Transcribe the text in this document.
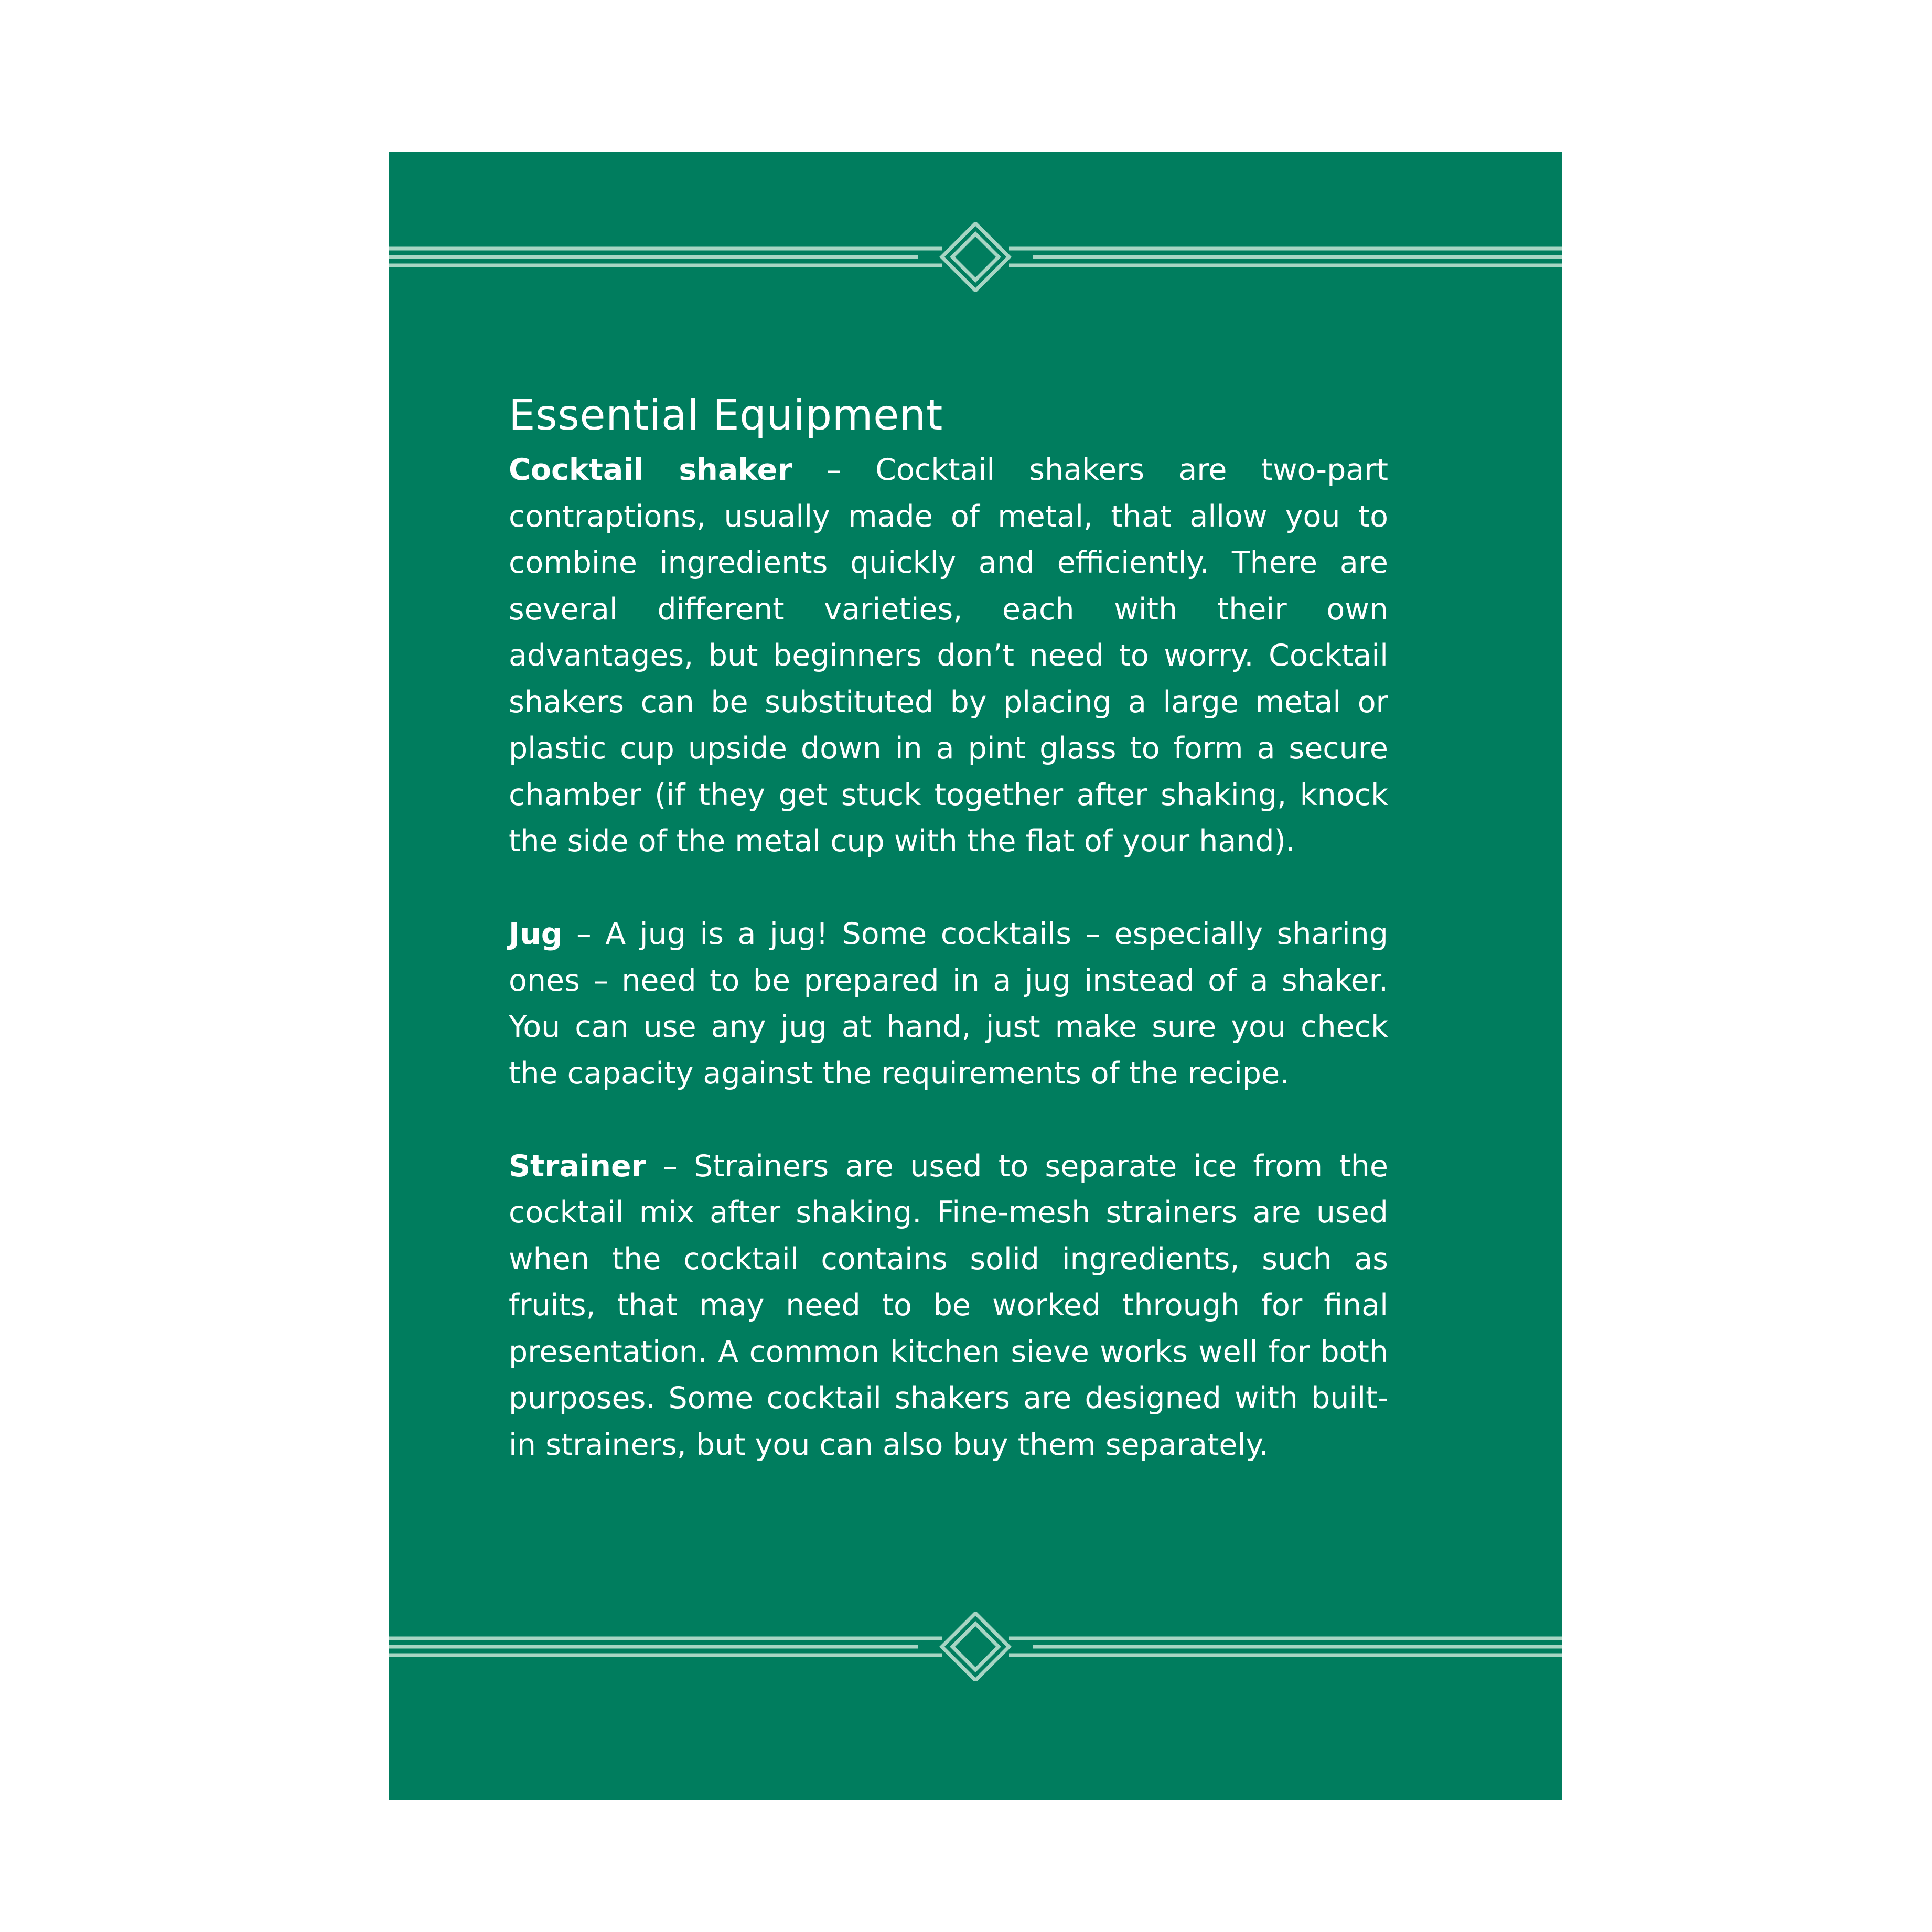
Essential Equipment

Cocktail shaker – Cocktail shakers are two-part contraptions, usually made of metal, that allow you to combine ingredients quickly and efficiently. There are several different varieties, each with their own advantages, but beginners don’t need to worry. Cocktail shakers can be substituted by placing a large metal or plastic cup upside down in a pint glass to form a secure chamber (if they get stuck together after shaking, knock the side of the metal cup with the flat of your hand).

Jug – A jug is a jug! Some cocktails – especially sharing ones – need to be prepared in a jug instead of a shaker. You can use any jug at hand, just make sure you check the capacity against the requirements of the recipe.

Strainer – Strainers are used to separate ice from the cocktail mix after shaking. Fine-mesh strainers are used when the cocktail contains solid ingredients, such as fruits, that may need to be worked through for final presentation. A common kitchen sieve works well for both purposes. Some cocktail shakers are designed with built-in strainers, but you can also buy them separately.

10
